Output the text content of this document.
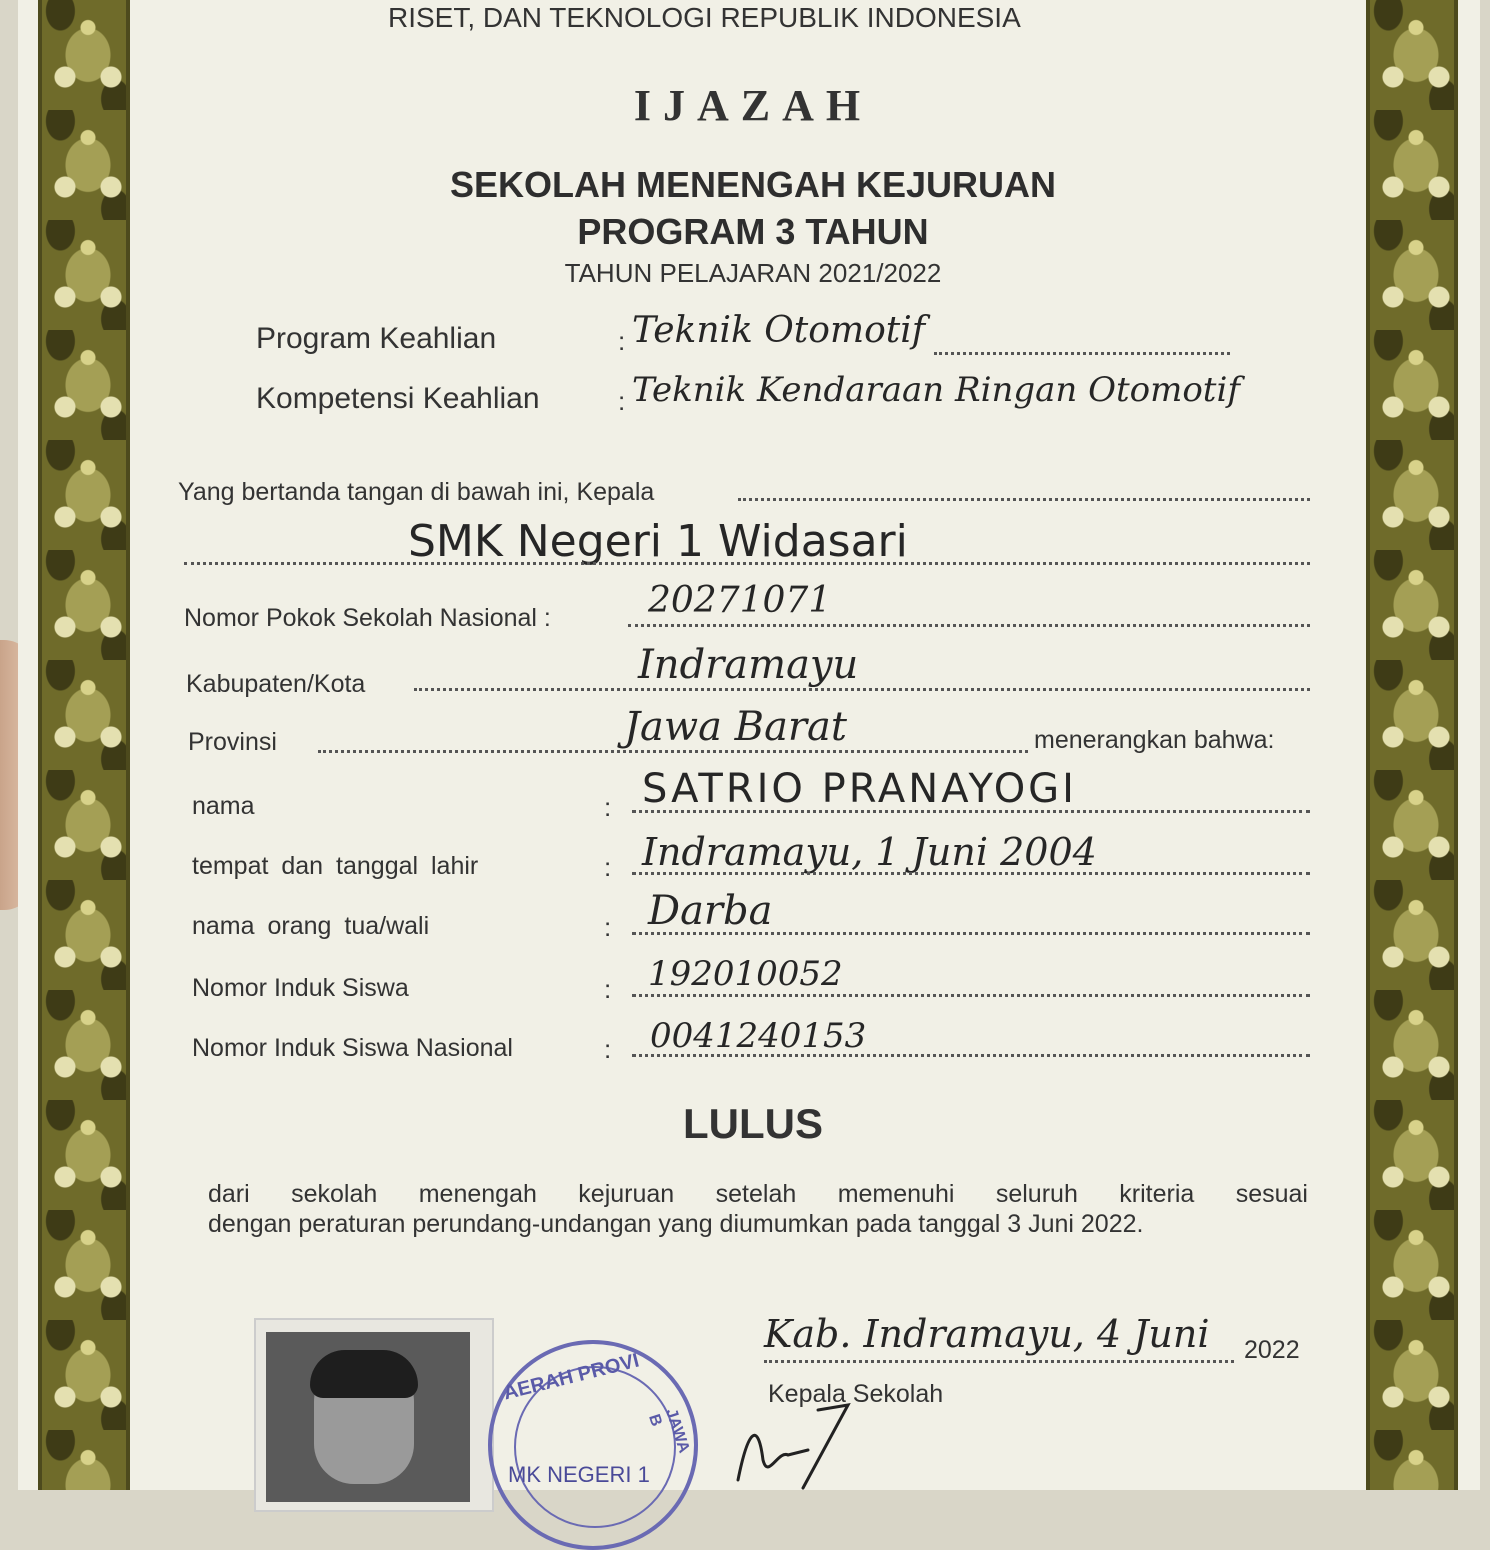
RISET, DAN TEKNOLOGI REPUBLIK INDONESIA
IJAZAH
SEKOLAH MENENGAH KEJURUAN
PROGRAM 3 TAHUN
TAHUN PELAJARAN 2021/2022
Program Keahlian	: Teknik Otomotif
Kompetensi Keahlian	: Teknik Kendaraan Ringan Otomotif
Yang bertanda tangan di bawah ini, Kepala
SMK Negeri 1 Widasari
Nomor Pokok Sekolah Nasional :	20271071
Kabupaten/Kota	Indramayu
Provinsi	Jawa Barat	menerangkan bahwa:
nama	: SATRIO PRANAYOGI
tempat dan tanggal lahir	: Indramayu, 1 Juni 2004
nama orang tua/wali	: Darba
Nomor Induk Siswa	: 192010052
Nomor Induk Siswa Nasional	: 0041240153
LULUS
dari sekolah menengah kejuruan setelah memenuhi seluruh kriteria sesuai
dengan peraturan perundang-undangan yang diumumkan pada tanggal 3 Juni 2022.
Kab. Indramayu, 4 Juni 2022
Kepala Sekolah
AERAH PROVI
JAWA B
MK NEGERI 1
